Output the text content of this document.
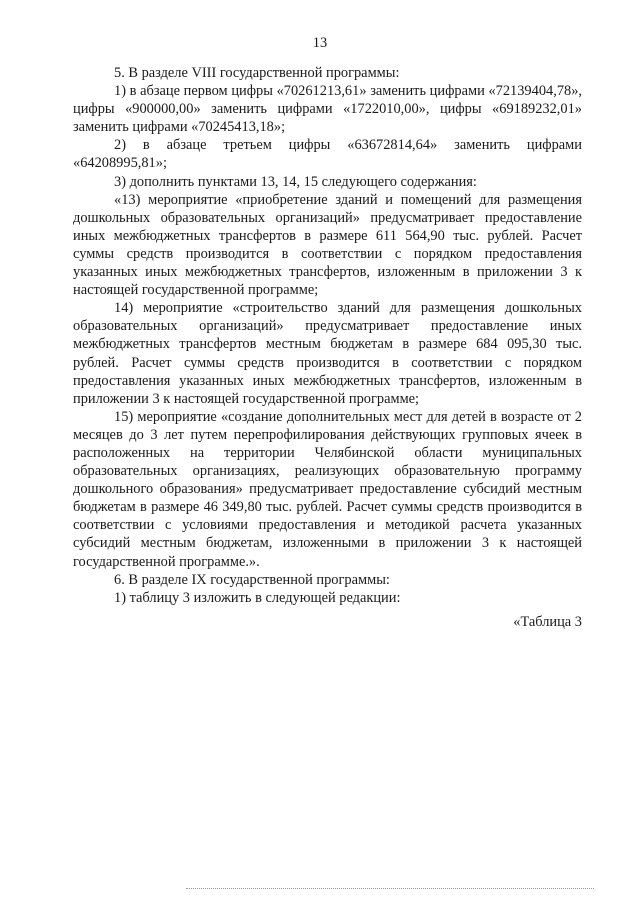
13

5. В разделе VIII государственной программы:

1) в абзаце первом цифры «70261213,61» заменить цифрами «72139404,78», цифры «900000,00» заменить цифрами «1722010,00», цифры «69189232,01» заменить цифрами «70245413,18»;

2) в абзаце третьем цифры «63672814,64» заменить цифрами «64208995,81»;

3) дополнить пунктами 13, 14, 15 следующего содержания:

«13) мероприятие «приобретение зданий и помещений для размещения дошкольных образовательных организаций» предусматривает предоставление иных межбюджетных трансфертов в размере 611 564,90 тыс. рублей. Расчет суммы средств производится в соответствии с порядком предоставления указанных иных межбюджетных трансфертов, изложенным в приложении 3 к настоящей государственной программе;

14) мероприятие «строительство зданий для размещения дошкольных образовательных организаций» предусматривает предоставление иных межбюджетных трансфертов местным бюджетам в размере 684 095,30 тыс. рублей. Расчет суммы средств производится в соответствии с порядком предоставления указанных иных межбюджетных трансфертов, изложенным в приложении 3 к настоящей государственной программе;

15) мероприятие «создание дополнительных мест для детей в возрасте от 2 месяцев до 3 лет путем перепрофилирования действующих групповых ячеек в расположенных на территории Челябинской области муниципальных образовательных организациях, реализующих образовательную программу дошкольного образования» предусматривает предоставление субсидий местным бюджетам в размере 46 349,80 тыс. рублей. Расчет суммы средств производится в соответствии с условиями предоставления и методикой расчета указанных субсидий местным бюджетам, изложенными в приложении 3 к настоящей государственной программе.».

6. В разделе IX государственной программы:

1) таблицу 3 изложить в следующей редакции:

«Таблица 3
